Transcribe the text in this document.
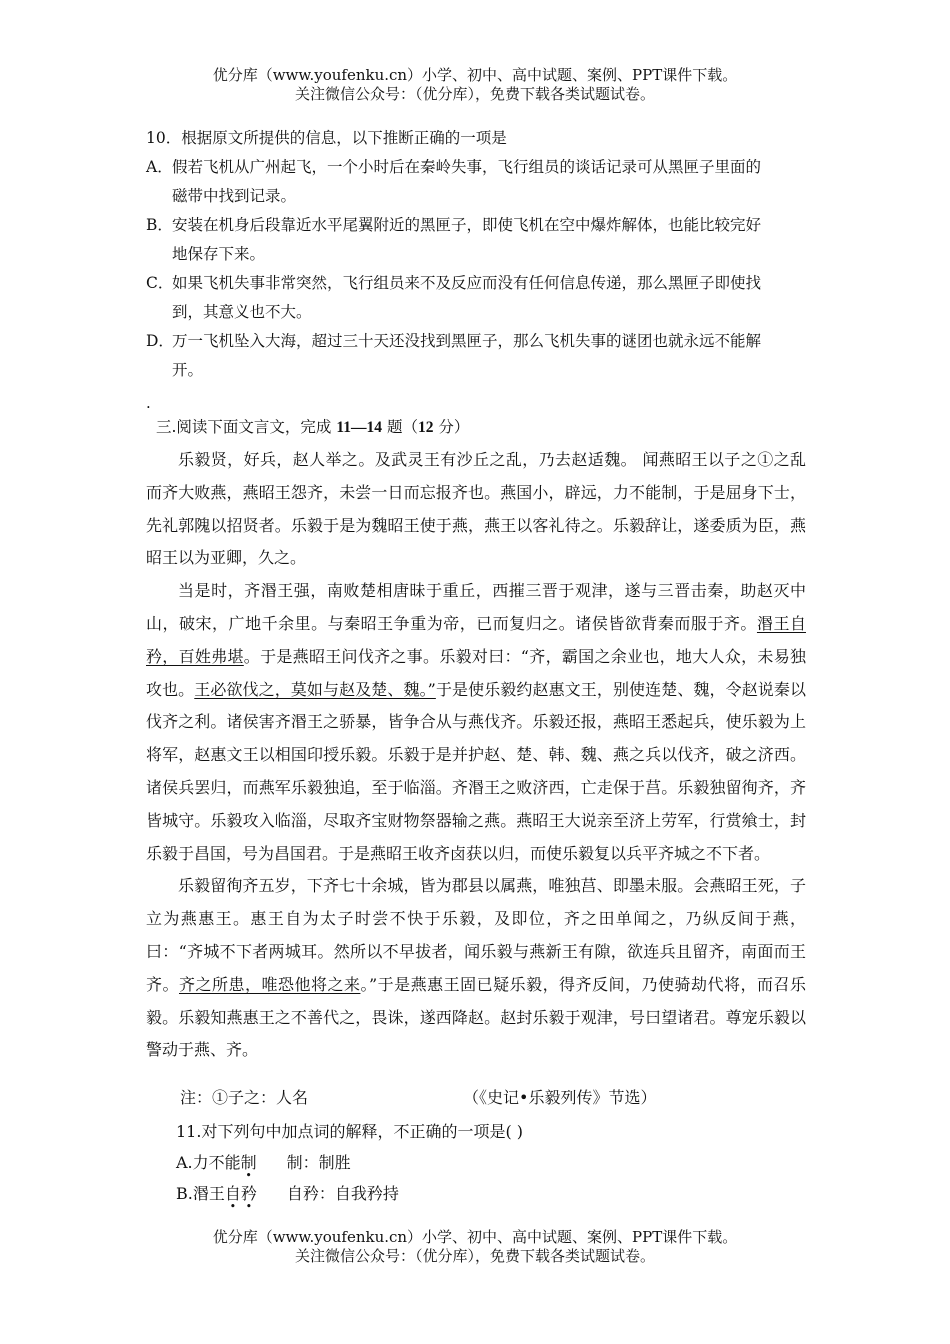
优分库（www.youfenku.cn）小学、初中、高中试题、案例、PPT课件下载。
关注微信公众号：（优分库），免费下载各类试题试卷。
10．根据原文所提供的信息，以下推断正确的一项是
A． 假若飞机从广州起飞，一个小时后在秦岭失事，飞行组员的谈话记录可从黑匣子里面的
磁带中找到记录。
B． 安装在机身后段靠近水平尾翼附近的黑匣子，即使飞机在空中爆炸解体，也能比较完好
地保存下来。
C．
如果飞机失事非常突然，飞行组员来不及反应而没有任何信息传递，那么黑匣子即使找
到，其意义也不大。
D．
万一飞机坠入大海，超过三十天还没找到黑匣子，那么飞机失事的谜团也就永远不能解
开。
·
三.阅读下面文言文，完成 11—14 题（12 分）

乐毅贤，好兵，赵人举之。及武灵王有沙丘之乱，乃去赵适魏。 闻燕昭王以子之①之乱而齐大败燕，燕昭王怨齐，未尝一日而忘报齐也。燕国小，辟远，力不能制，于是屈身下士，先礼郭隗以招贤者。乐毅于是为魏昭王使于燕，燕王以客礼待之。乐毅辞让，遂委质为臣，燕昭王以为亚卿，久之。

当是时，齐湣王强，南败楚相唐昧于重丘，西摧三晋于观津，遂与三晋击秦，助赵灭中山，破宋，广地千余里。与秦昭王争重为帝，已而复归之。诸侯皆欲背秦而服于齐。湣王自矜，百姓弗堪。于是燕昭王问伐齐之事。乐毅对曰：“齐，霸国之余业也，地大人众，未易独攻也。王必欲伐之，莫如与赵及楚、魏。”于是使乐毅约赵惠文王，别使连楚、魏，令赵说秦以伐齐之利。诸侯害齐湣王之骄暴，皆争合从与燕伐齐。乐毅还报，燕昭王悉起兵，使乐毅为上将军，赵惠文王以相国印授乐毅。乐毅于是并护赵、楚、韩、魏、燕之兵以伐齐，破之济西。诸侯兵罢归，而燕军乐毅独追，至于临淄。齐湣王之败济西，亡走保于莒。乐毅独留徇齐，齐皆城守。乐毅攻入临淄，尽取齐宝财物祭器输之燕。燕昭王大说亲至济上劳军，行赏飨士，封乐毅于昌国，号为昌国君。于是燕昭王收齐卤获以归，而使乐毅复以兵平齐城之不下者。

乐毅留徇齐五岁，下齐七十余城，皆为郡县以属燕，唯独莒、即墨未服。会燕昭王死，子立为燕惠王。惠王自为太子时尝不快于乐毅，及即位，齐之田单闻之，乃纵反间于燕，曰：“齐城不下者两城耳。然所以不早拔者，闻乐毅与燕新王有隙，欲连兵且留齐，南面而王齐。齐之所患，唯恐他将之来。”于是燕惠王固已疑乐毅，得齐反间，乃使骑劫代将，而召乐毅。乐毅知燕惠王之不善代之，畏诛，遂西降赵。赵封乐毅于观津，号曰望诸君。尊宠乐毅以警动于燕、齐。

注：①子之：人名	（《史记•乐毅列传》节选）
11.对下列句中加点词的解释，不正确的一项是( )
A.力不能制 制：制胜
B.湣王自矜 自矜：自我矜持
优分库（www.youfenku.cn）小学、初中、高中试题、案例、PPT课件下载。
关注微信公众号：（优分库），免费下载各类试题试卷。
